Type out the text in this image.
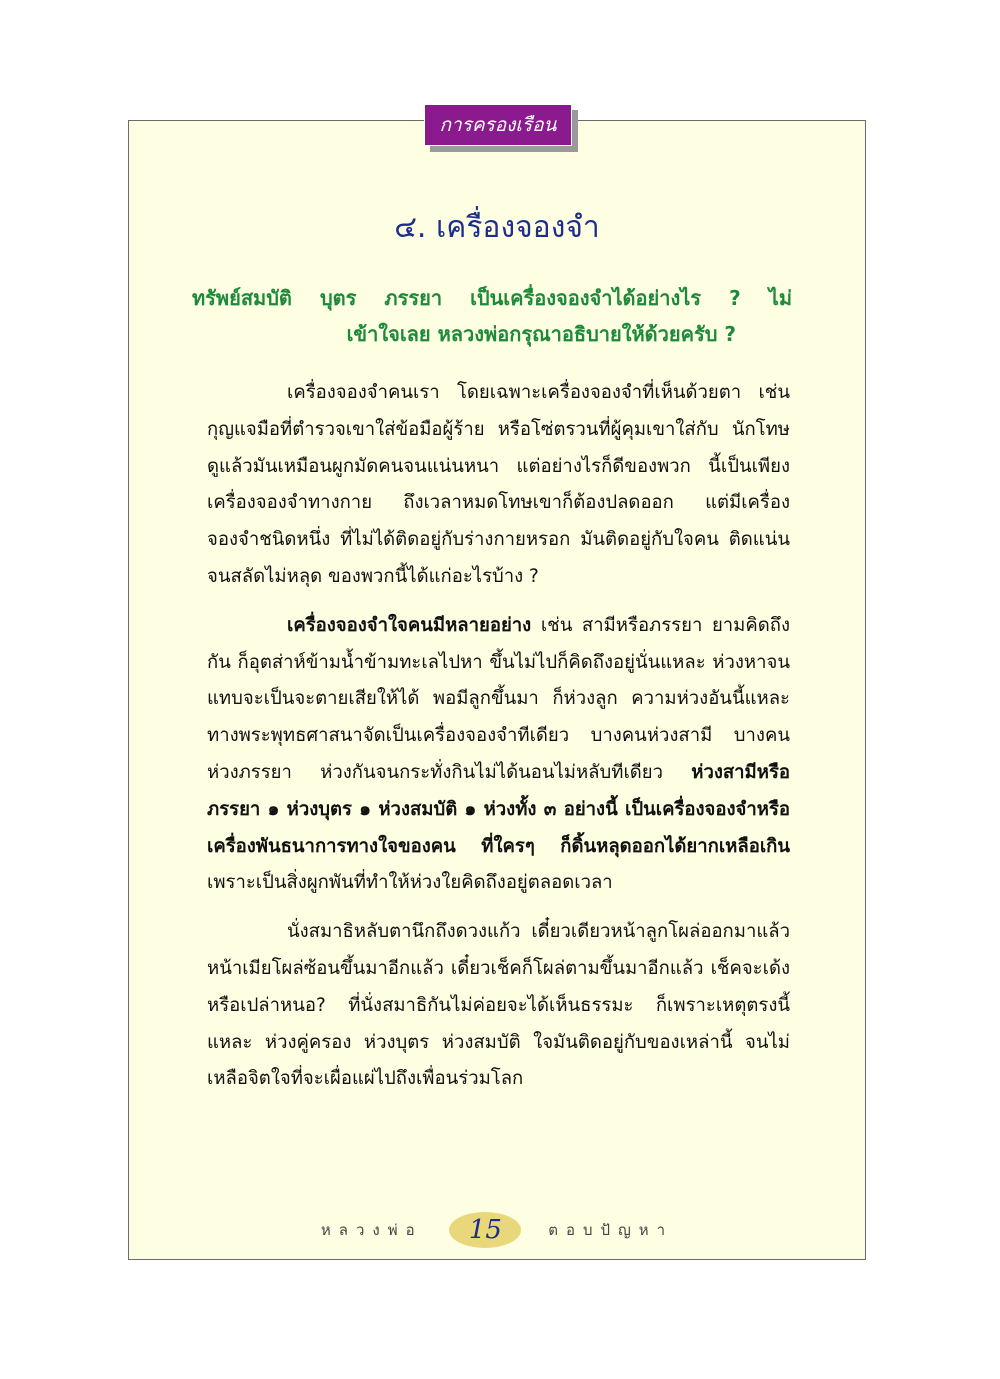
การครองเรือน
๔. เครื่องจองจำ
ทรัพย์สมบัติ บุตร ภรรยา เป็นเครื่องจองจำได้อย่างไร ? ไม่
เข้าใจเลย หลวงพ่อกรุณาอธิบายให้ด้วยครับ ?

เครื่องจองจำคนเรา โดยเฉพาะเครื่องจองจำที่เห็นด้วยตา เช่น กุญแจมือที่ตำรวจเขาใส่ข้อมือผู้ร้าย หรือโซ่ตรวนที่ผู้คุมเขาใส่กับ นักโทษ ดูแล้วมันเหมือนผูกมัดคนจนแน่นหนา แต่อย่างไรก็ดีของพวก นี้เป็นเพียงเครื่องจองจำทางกาย ถึงเวลาหมดโทษเขาก็ต้องปลดออก แต่มีเครื่องจองจำชนิดหนึ่ง ที่ไม่ได้ติดอยู่กับร่างกายหรอก มันติดอยู่กับใจคน ติดแน่นจนสลัดไม่หลุด ของพวกนี้ได้แก่อะไรบ้าง ?

เครื่องจองจำใจคนมีหลายอย่าง เช่น สามีหรือภรรยา ยามคิดถึงกัน ก็อุตส่าห์ข้ามน้ำข้ามทะเลไปหา ขึ้นไม่ไปก็คิดถึงอยู่นั่นแหละ ห่วงหาจนแทบจะเป็นจะตายเสียให้ได้ พอมีลูกขึ้นมา ก็ห่วงลูก ความห่วงอันนี้แหละทางพระพุทธศาสนาจัดเป็นเครื่องจองจำทีเดียว บางคนห่วงสามี บางคนห่วงภรรยา ห่วงกันจนกระทั่งกินไม่ได้นอนไม่หลับทีเดียว ห่วงสามีหรือภรรยา ๑ ห่วงบุตร ๑ ห่วงสมบัติ ๑ ห่วงทั้ง ๓ อย่างนี้ เป็นเครื่องจองจำหรือเครื่องพันธนาการทางใจของคน ที่ใครๆ ก็ดิ้นหลุดออกได้ยากเหลือเกิน เพราะเป็นสิ่งผูกพันที่ทำให้ห่วงใยคิดถึงอยู่ตลอดเวลา

นั่งสมาธิหลับตานึกถึงดวงแก้ว เดี๋ยวเดียวหน้าลูกโผล่ออกมาแล้ว หน้าเมียโผล่ซ้อนขึ้นมาอีกแล้ว เดี๋ยวเช็คก็โผล่ตามขึ้นมาอีกแล้ว เช็คจะเด้งหรือเปล่าหนอ? ที่นั่งสมาธิกันไม่ค่อยจะได้เห็นธรรมะ ก็เพราะเหตุตรงนี้แหละ ห่วงคู่ครอง ห่วงบุตร ห่วงสมบัติ ใจมันติดอยู่กับของเหล่านี้ จนไม่เหลือจิตใจที่จะเผื่อแผ่ไปถึงเพื่อนร่วมโลก

หลวงพ่อ 15	ตอบปัญหา
